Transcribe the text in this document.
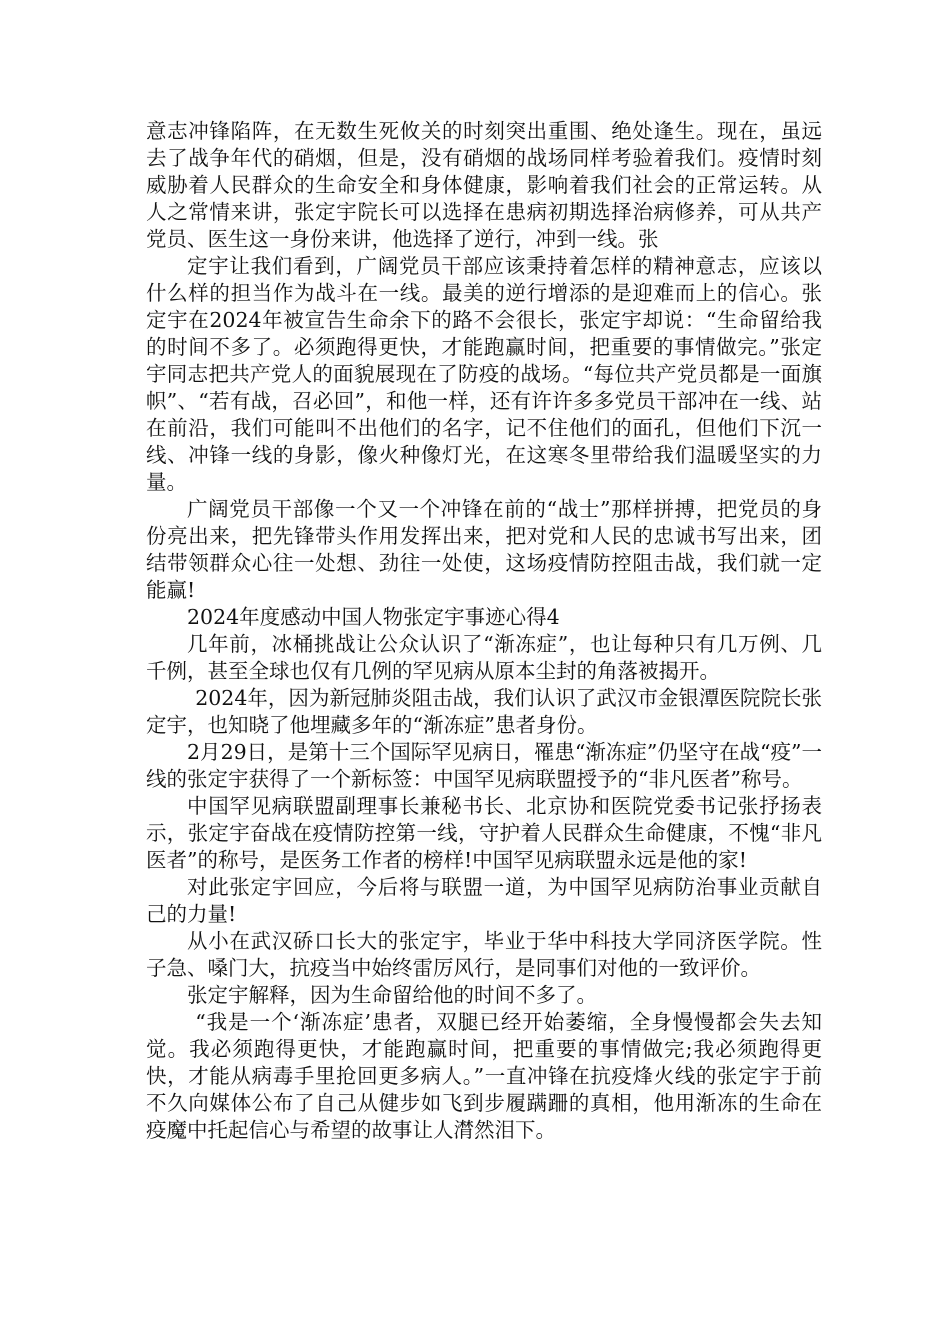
意志冲锋陷阵，在无数生死攸关的时刻突出重围、绝处逢生。现在，虽远去了战争年代的硝烟，但是，没有硝烟的战场同样考验着我们。疫情时刻威胁着人民群众的生命安全和身体健康，影响着我们社会的正常运转。从人之常情来讲，张定宇院长可以选择在患病初期选择治病修养，可从共产党员、医生这一身份来讲，他选择了逆行，冲到一线。张

定宇让我们看到，广阔党员干部应该秉持着怎样的精神意志，应该以什么样的担当作为战斗在一线。最美的逆行增添的是迎难而上的信心。张定宇在2024年被宣告生命余下的路不会很长，张定宇却说：“生命留给我的时间不多了。必须跑得更快，才能跑赢时间，把重要的事情做完。”张定宇同志把共产党人的面貌展现在了防疫的战场。“每位共产党员都是一面旗帜”、“若有战，召必回”，和他一样，还有许许多多党员干部冲在一线、站在前沿，我们可能叫不出他们的名字，记不住他们的面孔，但他们下沉一线、冲锋一线的身影，像火种像灯光，在这寒冬里带给我们温暖坚实的力量。

广阔党员干部像一个又一个冲锋在前的“战士”那样拼搏，把党员的身份亮出来，把先锋带头作用发挥出来，把对党和人民的忠诚书写出来，团结带领群众心往一处想、劲往一处使，这场疫情防控阻击战，我们就一定能赢!

2024年度感动中国人物张定宇事迹心得4

几年前，冰桶挑战让公众认识了“渐冻症”，也让每种只有几万例、几千例，甚至全球也仅有几例的罕见病从原本尘封的角落被揭开。

2024年，因为新冠肺炎阻击战，我们认识了武汉市金银潭医院院长张定宇，也知晓了他埋藏多年的“渐冻症”患者身份。

2月29日，是第十三个国际罕见病日，罹患“渐冻症”仍坚守在战“疫”一线的张定宇获得了一个新标签：中国罕见病联盟授予的“非凡医者”称号。

中国罕见病联盟副理事长兼秘书长、北京协和医院党委书记张抒扬表示，张定宇奋战在疫情防控第一线，守护着人民群众生命健康，不愧“非凡医者”的称号，是医务工作者的榜样!中国罕见病联盟永远是他的家!

对此张定宇回应，今后将与联盟一道，为中国罕见病防治事业贡献自己的力量!

从小在武汉硚口长大的张定宇，毕业于华中科技大学同济医学院。性子急、嗓门大，抗疫当中始终雷厉风行，是同事们对他的一致评价。

张定宇解释，因为生命留给他的时间不多了。

“我是一个‘渐冻症’患者，双腿已经开始萎缩，全身慢慢都会失去知觉。我必须跑得更快，才能跑赢时间，把重要的事情做完;我必须跑得更快，才能从病毒手里抢回更多病人。”一直冲锋在抗疫烽火线的张定宇于前不久向媒体公布了自己从健步如飞到步履蹒跚的真相，他用渐冻的生命在疫魔中托起信心与希望的故事让人潸然泪下。
